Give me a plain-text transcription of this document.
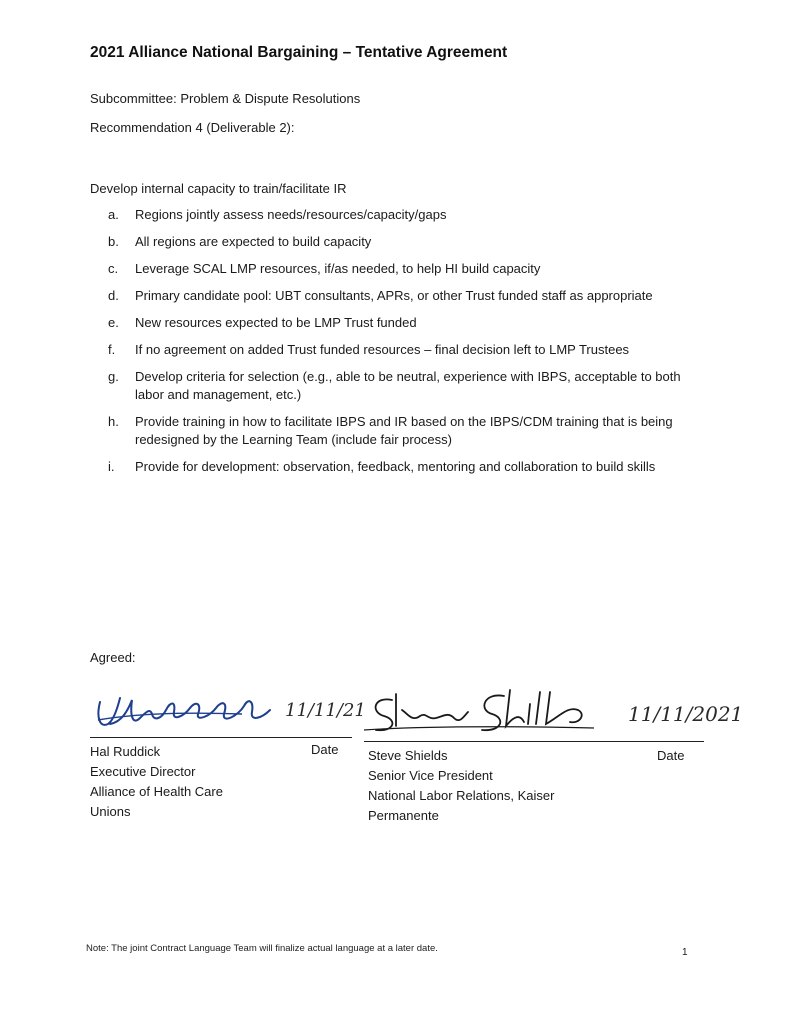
2021 Alliance National Bargaining – Tentative Agreement
Subcommittee: Problem & Dispute Resolutions
Recommendation 4 (Deliverable 2):
Develop internal capacity to train/facilitate IR
a. Regions jointly assess needs/resources/capacity/gaps
b. All regions are expected to build capacity
c. Leverage SCAL LMP resources, if/as needed, to help HI build capacity
d. Primary candidate pool: UBT consultants, APRs, or other Trust funded staff as appropriate
e. New resources expected to be LMP Trust funded
f. If no agreement on added Trust funded resources – final decision left to LMP Trustees
g. Develop criteria for selection (e.g., able to be neutral, experience with IBPS, acceptable to both labor and management, etc.)
h. Provide training in how to facilitate IBPS and IR based on the IBPS/CDM training that is being redesigned by the Learning Team (include fair process)
i. Provide for development: observation, feedback, mentoring and collaboration to build skills
Agreed:
11/11/21
Hal Ruddick
Executive Director
Alliance of Health Care
Unions
Date
11/11/2021
Steve Shields
Senior Vice President
National Labor Relations, Kaiser
Permanente
Date
Note: The joint Contract Language Team will finalize actual language at a later date.	1
